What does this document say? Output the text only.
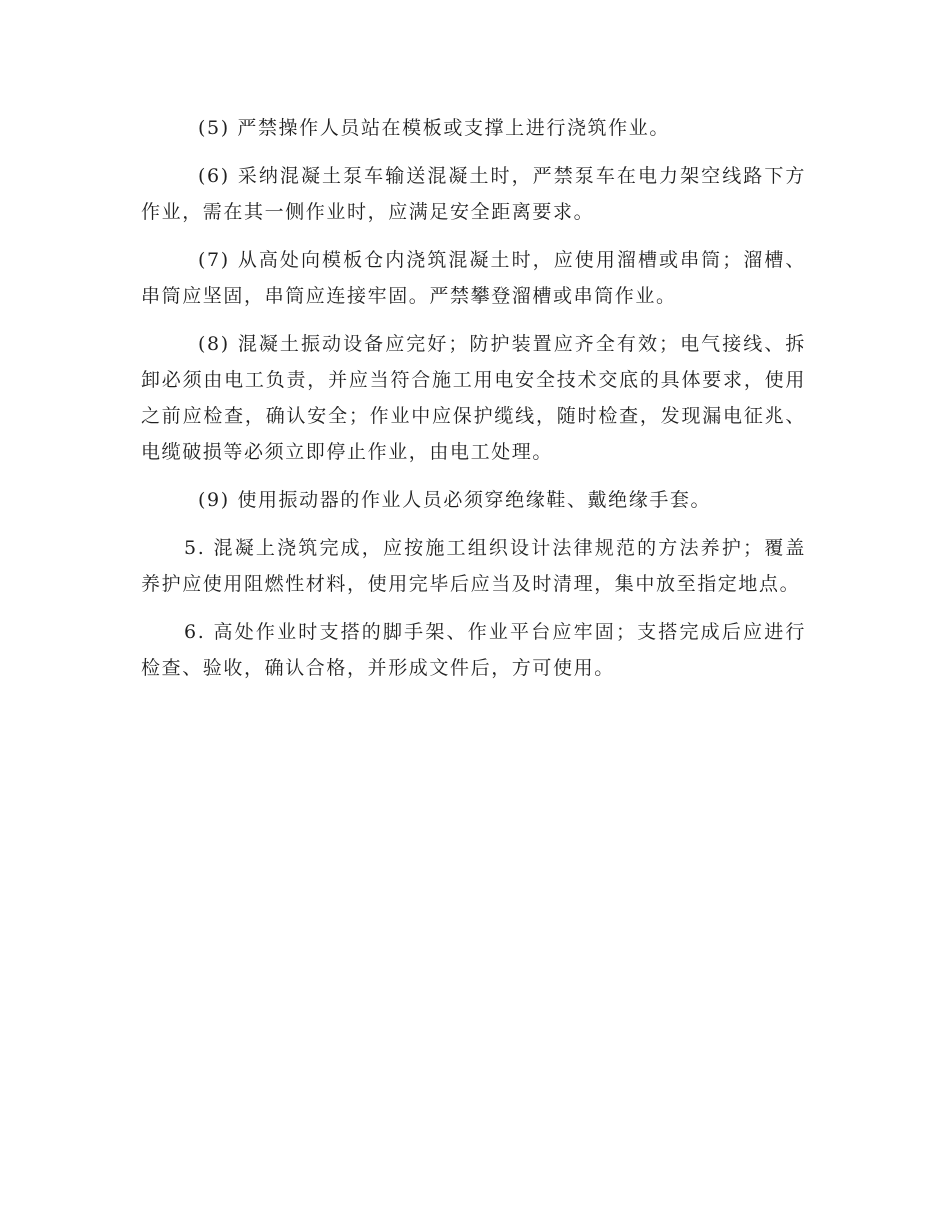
(5) 严禁操作人员站在模板或支撑上进行浇筑作业。

(6) 采纳混凝土泵车输送混凝土时，严禁泵车在电力架空线路下方作业，需在其一侧作业时，应满足安全距离要求。

(7) 从高处向模板仓内浇筑混凝土时，应使用溜槽或串筒；溜槽、串筒应坚固，串筒应连接牢固。严禁攀登溜槽或串筒作业。

(8) 混凝土振动设备应完好；防护装置应齐全有效；电气接线、拆卸必须由电工负责，并应当符合施工用电安全技术交底的具体要求，使用之前应检查，确认安全；作业中应保护缆线，随时检查，发现漏电征兆、电缆破损等必须立即停止作业，由电工处理。

(9) 使用振动器的作业人员必须穿绝缘鞋、戴绝缘手套。

5. 混凝上浇筑完成，应按施工组织设计法律规范的方法养护；覆盖养护应使用阻燃性材料，使用完毕后应当及时清理，集中放至指定地点。

6. 高处作业时支搭的脚手架、作业平台应牢固；支搭完成后应进行检查、验收，确认合格，并形成文件后，方可使用。
